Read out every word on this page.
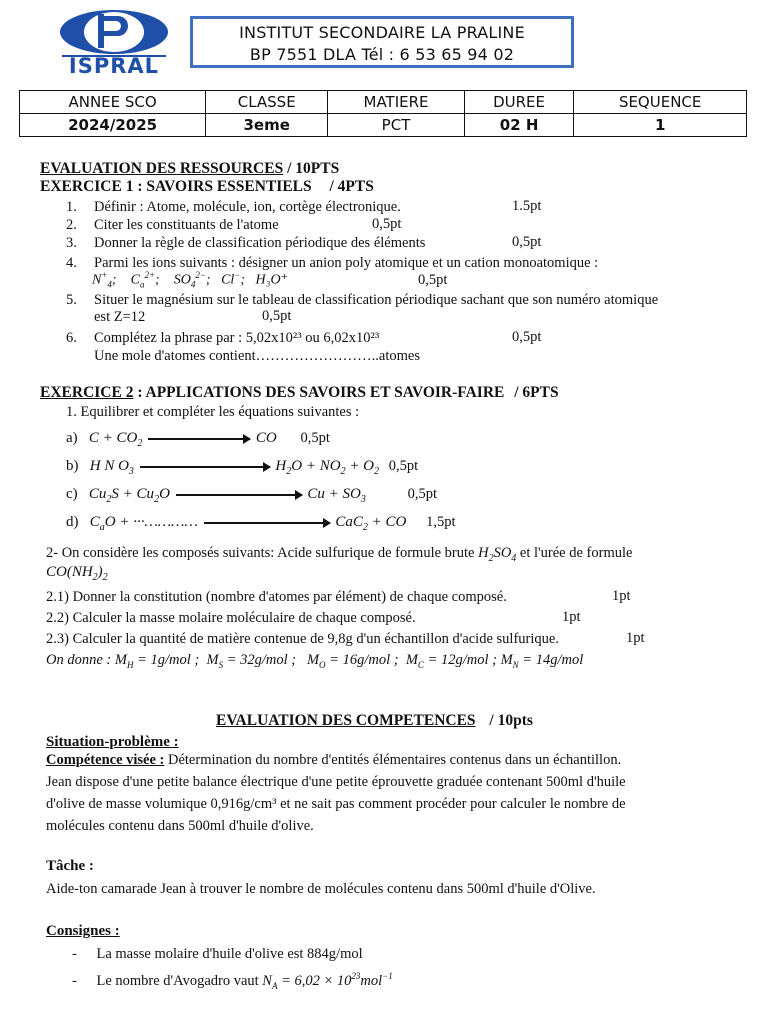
ISPRAL
INSTITUT SECONDAIRE LA PRALINE
BP 7551 DLA Tél : 6 53 65 94 02
ANNEE SCO	CLASSE	MATIERE	DUREE	SEQUENCE
2024/2025	3eme	PCT	02 H	1
EVALUATION DES RESSOURCES / 10PTS
EXERCICE 1 : SAVOIRS ESSENTIELS / 4PTS
1. Définir : Atome, molécule, ion, cortège électronique.	1.5pt
2. Citer les constituants de l'atome	0,5pt
3. Donner la règle de classification périodique des éléments	0,5pt
4. Parmi les ions suivants : désigner un anion poly atomique et un cation monoatomique :
$N^+_4$;    $C_a^{2+}$;    $SO_4^{2-}$;   Cl−;   H₃O⁺	0,5pt
5. Situer le magnésium sur le tableau de classification périodique sachant que son numéro atomique
est Z=12	0,5pt
6. Complétez la phrase par : 5,02x10²³ ou 6,02x10²³	0,5pt
Une mole d'atomes contient……………………..atomes
EXERCICE 2 : APPLICATIONS DES SAVOIRS ET SAVOIR-FAIRE / 6PTS
1. Equilibrer et compléter les équations suivantes :
a) $C + CO_2$	CO 0,5pt
b) H N $O_3$	$H_2O + NO_2 + O_2$ 0,5pt
c) $Cu_2S + Cu_2O$	$Cu + SO_3$	0,5pt
d) $C_aO$ + ···…………	CaC$_2$ + CO 1,5pt
2- On considère les composés suivants: Acide sulfurique de formule brute $H_2SO_4$ et l'urée de formule
$CO(NH_2)_2$
2.1) Donner la constitution (nombre d'atomes par élément) de chaque composé.	1pt
2.2) Calculer la masse molaire moléculaire de chaque composé.	1pt
2.3) Calculer la quantité de matière contenue de 9,8g d'un échantillon d'acide sulfurique.	1pt
On donne : $M_H = 1g/mol$ ;  $M_S = 32g/mol$ ;   $M_O = 16g/mol$ ;  $M_C = 12g/mol$ ; $M_N = 14g/mol$
EVALUATION DES COMPETENCES / 10pts
Situation-problème :
Compétence visée : Détermination du nombre d'entités élémentaires contenus dans un échantillon.
Jean dispose d'une petite balance électrique d'une petite éprouvette graduée contenant 500ml d'huile
d'olive de masse volumique 0,916g/cm³ et ne sait pas comment procéder pour calculer le nombre de
molécules contenu dans 500ml d'huile d'olive.
Tâche :
Aide-ton camarade Jean à trouver le nombre de molécules contenu dans 500ml d'huile d'Olive.
Consignes :
- La masse molaire d'huile d'olive est 884g/mol
- Le nombre d'Avogadro vaut $N_A = 6,02 \times 10^{23}mol^{-1}$
